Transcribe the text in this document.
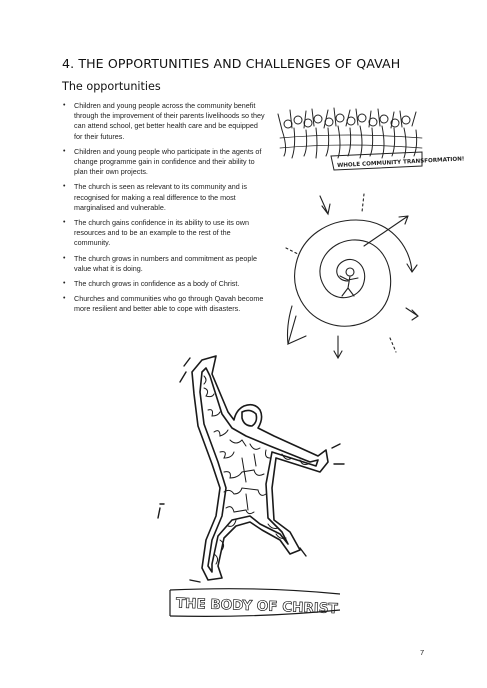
4. THE OPPORTUNITIES AND CHALLENGES OF QAVAH
The opportunities
• Children and young people across the community benefit through the improvement of their parents livelihoods so they can attend school, get better health care and be equipped for their futures.
• Children and young people who participate in the agents of change programme gain in confidence and their ability to plan their own projects.
• The church is seen as relevant to its community and is recognised for making a real difference to the most marginalised and vulnerable.
• The church gains confidence in its ability to use its own resources and to be an example to the rest of the community.
• The church grows in numbers and commitment as people value what it is doing.
• The church grows in confidence as a body of Christ.
• Churches and communities who go through Qavah become more resilient and better able to cope with disasters.
WHOLE COMMUNITY TRANSFORMATION!
THE BODY OF CHRIST
7
